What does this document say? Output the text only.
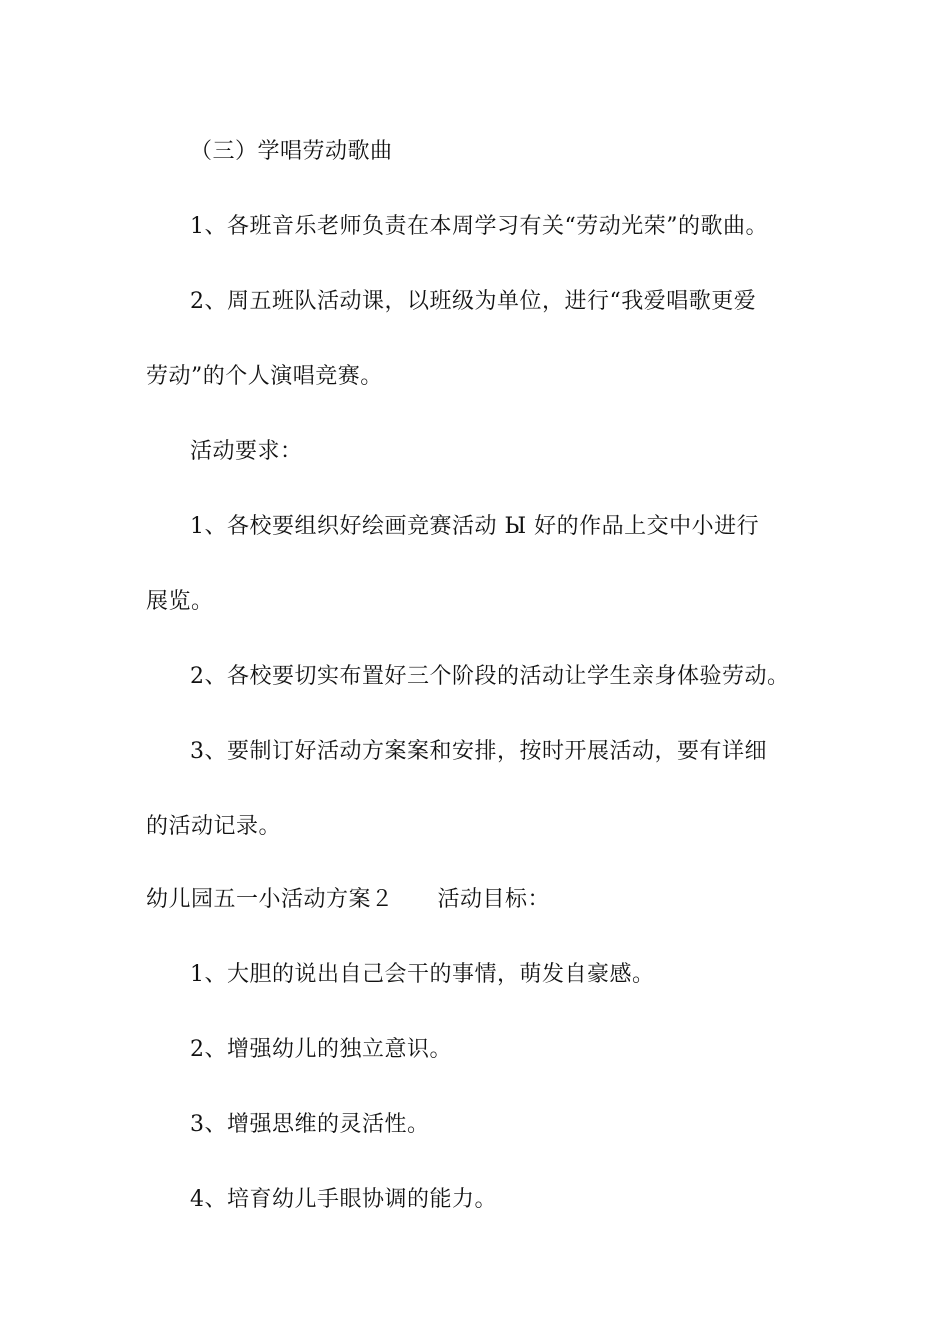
（三）学唱劳动歌曲
1、各班音乐老师负责在本周学习有关“劳动光荣”的歌曲。
2、周五班队活动课，以班级为单位，进行“我爱唱歌更爱
劳动”的个人演唱竞赛。
活动要求：
1、各校要组织好绘画竞赛活动 Ы 好的作品上交中小进行
展览。
2、各校要切实布置好三个阶段的活动让学生亲身体验劳动。
3、要制订好活动方案案和安排，按时开展活动，要有详细
的活动记录。
幼儿园五一小活动方案２ 活动目标：
1、大胆的说出自己会干的事情，萌发自豪感。
2、增强幼儿的独立意识。
3、增强思维的灵活性。
4、培育幼儿手眼协调的能力。
